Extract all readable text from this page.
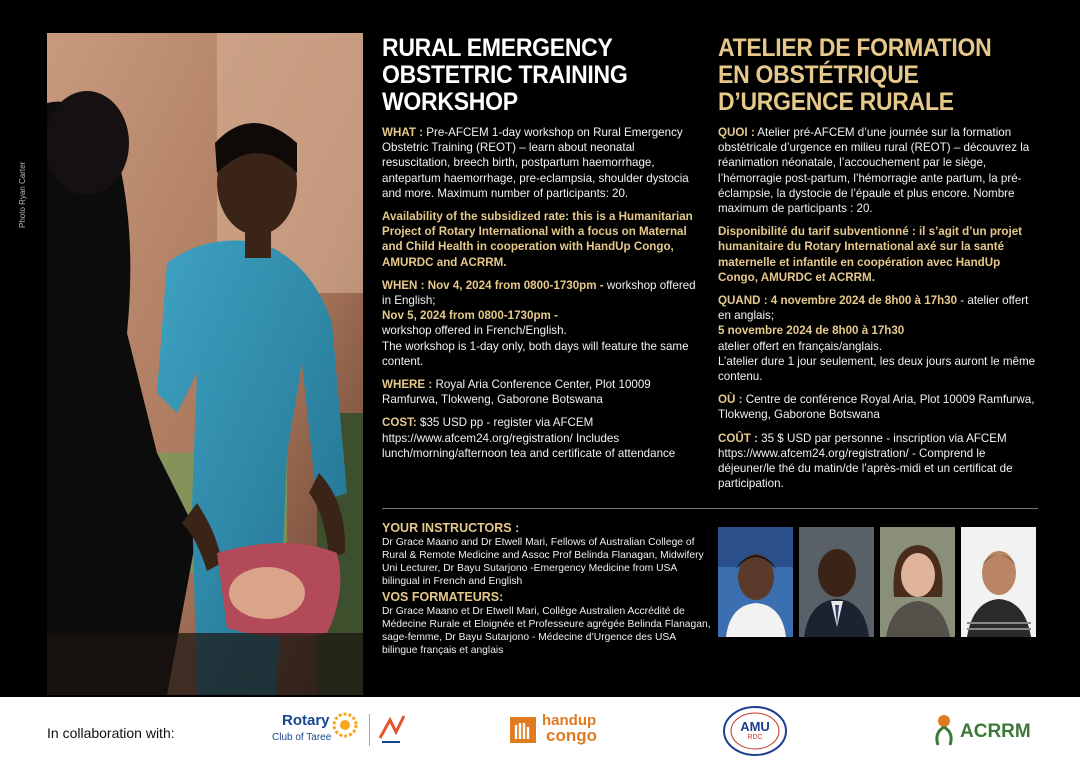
Photo Ryan Carter
RURAL EMERGENCY
OBSTETRIC TRAINING
WORKSHOP

WHAT : Pre-AFCEM 1-day workshop on Rural Emergency Obstetric Training (REOT) – learn about neonatal resuscitation, breech birth, postpartum haemorrhage, antepartum haemorrhage, pre-eclampsia, shoulder dystocia and more. Maximum number of participants: 20.

Availability of the subsidized rate: this is a Humanitarian Project of Rotary International with a focus on Maternal and Child Health in cooperation with HandUp Congo, AMURDC and ACRRM.

WHEN : Nov 4, 2024 from 0800-1730pm - workshop offered in English;
Nov 5, 2024 from 0800-1730pm -
workshop offered in French/English.
The workshop is 1-day only, both days will feature the same content.

WHERE : Royal Aria Conference Center, Plot 10009 Ramfurwa, Tlokweng, Gaborone Botswana

COST: $35 USD pp - register via AFCEM https://www.afcem24.org/registration/ Includes lunch/morning/afternoon tea and certificate of attendance

ATELIER DE FORMATION
EN OBSTÉTRIQUE
D’URGENCE RURALE

QUOI : Atelier pré-AFCEM d’une journée sur la formation obstétricale d’urgence en milieu rural (REOT) – découvrez la réanimation néonatale, l’accouchement par le siège, l’hémorragie post-partum, l’hémorragie ante partum, la pré-éclampsie, la dystocie de l’épaule et plus encore. Nombre maximum de participants : 20.

Disponibilité du tarif subventionné : il s’agit d’un projet humanitaire du Rotary International axé sur la santé maternelle et infantile en coopération avec HandUp Congo, AMURDC et ACRRM.

QUAND : 4 novembre 2024 de 8h00 à 17h30 - atelier offert en anglais;
5 novembre 2024 de 8h00 à 17h30
atelier offert en français/anglais.
L’atelier dure 1 jour seulement, les deux jours auront le même contenu.

OÙ : Centre de conférence Royal Aria, Plot 10009 Ramfurwa, Tlokweng, Gaborone Botswana

COÛT : 35 $ USD par personne - inscription via AFCEM https://www.afcem24.org/registration/ - Comprend le déjeuner/le thé du matin/de l’après-midi et un certificat de participation.

YOUR INSTRUCTORS :
Dr Grace Maano and Dr Etwell Mari, Fellows of Australian College of Rural & Remote Medicine and Assoc Prof Belinda Flanagan, Midwifery Uni Lecturer, Dr Bayu Sutarjono -Emergency Medicine from USA bilingual in French and English
VOS FORMATEURS:
Dr Grace Maano et Dr Etwell Mari, Collège Australien Accrédité de Médecine Rurale et Eloignée et Professeure agrégée Belinda Flanagan, sage-femme, Dr Bayu Sutarjono - Médecine d’Urgence des USA bilingue français et anglais
In collaboration with:
Rotary
Club of Taree
handup
congo	AMU
RDC	ACRRM
